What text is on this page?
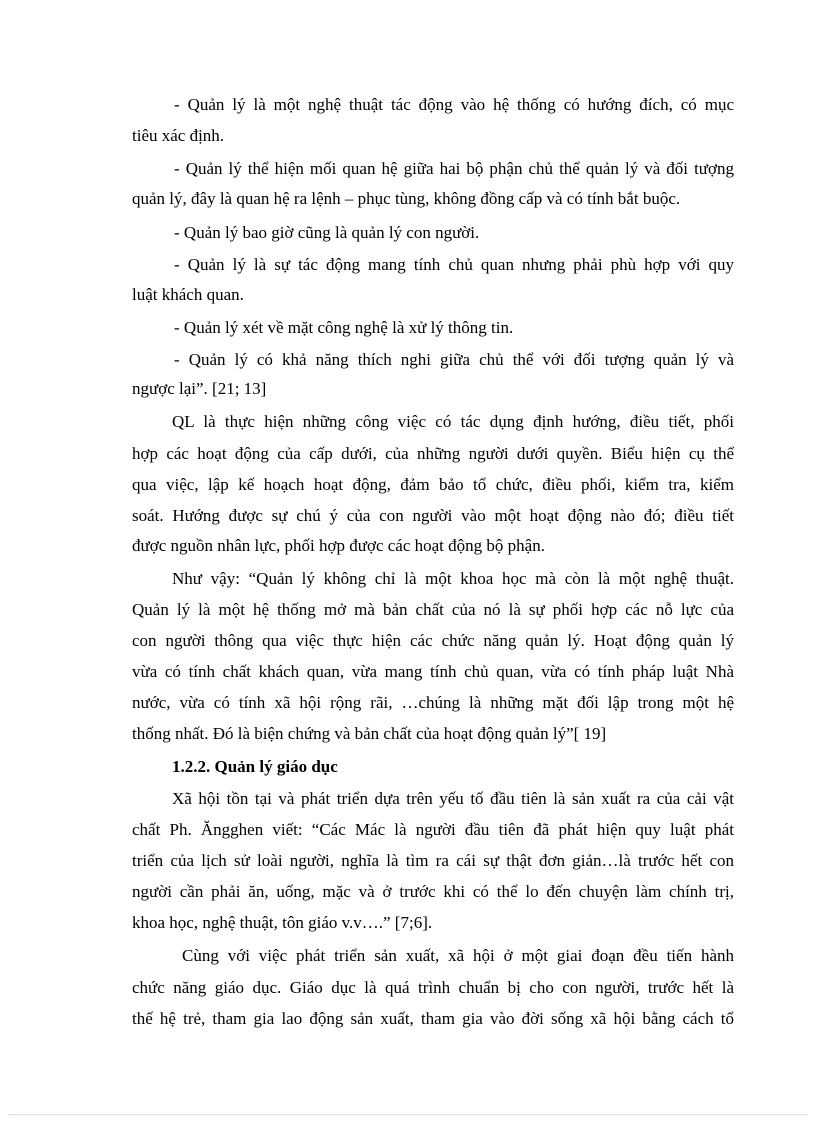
- Quản lý là một nghệ thuật tác động vào hệ thống có hướng đích, có mục
tiêu xác định.
- Quản lý thể hiện mối quan hệ giữa hai bộ phận chủ thể quản lý và đối tượng
quản lý, đây là quan hệ ra lệnh – phục tùng, không đồng cấp và có tính bắt buộc.
- Quản lý bao giờ cũng là quản lý con người.
- Quản lý là sự tác động mang tính chủ quan nhưng phải phù hợp với quy
luật khách quan.
- Quản lý xét về mặt công nghệ là xử lý thông tin.
- Quản lý có khả năng thích nghi giữa chủ thể với đối tượng quản lý và
ngược lại”. [21; 13]
QL là thực hiện những công việc có tác dụng định hướng, điều tiết, phối
hợp các hoạt động của cấp dưới, của những người dưới quyền. Biểu hiện cụ thể
qua việc, lập kế hoạch hoạt động, đảm bảo tổ chức, điều phối, kiểm tra, kiểm
soát. Hướng được sự chú ý của con người vào một hoạt động nào đó; điều tiết
được nguồn nhân lực, phối hợp được các hoạt động bộ phận.
Như vậy: “Quản lý không chỉ là một khoa học mà còn là một nghệ thuật.
Quản lý là một hệ thống mở mà bản chất của nó là sự phối hợp các nỗ lực của
con người thông qua việc thực hiện các chức năng quản lý. Hoạt động quản lý
vừa có tính chất khách quan, vừa mang tính chủ quan, vừa có tính pháp luật Nhà
nước, vừa có tính xã hội rộng rãi, …chúng là những mặt đối lập trong một hệ
thống nhất. Đó là biện chứng và bản chất của hoạt động quản lý”[ 19]
1.2.2. Quản lý giáo dục
Xã hội tồn tại và phát triển dựa trên yếu tố đầu tiên là sản xuất ra của cải vật
chất Ph. Ăngghen viết: “Các Mác là người đầu tiên đã phát hiện quy luật phát
triển của lịch sử loài người, nghĩa là tìm ra cái sự thật đơn giản…là trước hết con
người cần phải ăn, uống, mặc và ở trước khi có thể lo đến chuyện làm chính trị,
khoa học, nghệ thuật, tôn giáo v.v….” [7;6].
Cùng với việc phát triển sản xuất, xã hội ở một giai đoạn đều tiến hành
chức năng giáo dục. Giáo dục là quá trình chuẩn bị cho con người, trước hết là
thế hệ trẻ, tham gia lao động sản xuất, tham gia vào đời sống xã hội bằng cách tổ
